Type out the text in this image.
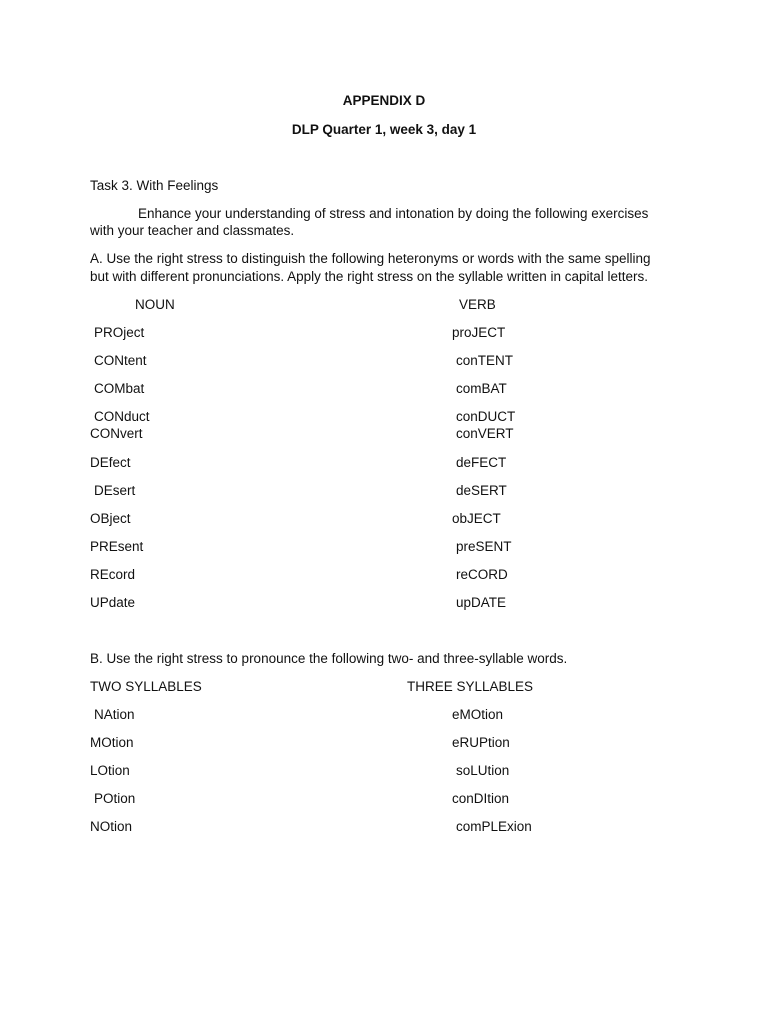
APPENDIX D
DLP Quarter 1, week 3, day 1
Task 3. With Feelings
Enhance your understanding of stress and intonation by doing the following exercises
with your teacher and classmates.
A. Use the right stress to distinguish the following heteronyms or words with the same spelling
but with different pronunciations. Apply the right stress on the syllable written in capital letters.
NOUN	VERB
PROject	proJECT
CONtent	conTENT
COMbat	comBAT
CONduct	conDUCT
CONvert	conVERT
DEfect	deFECT
DEsert	deSERT
OBject	obJECT
PREsent	preSENT
REcord	reCORD
UPdate	upDATE
B. Use the right stress to pronounce the following two- and three-syllable words.
TWO SYLLABLES	THREE SYLLABLES
NAtion	eMOtion
MOtion	eRUPtion
LOtion	soLUtion
POtion	conDItion
NOtion	comPLExion
